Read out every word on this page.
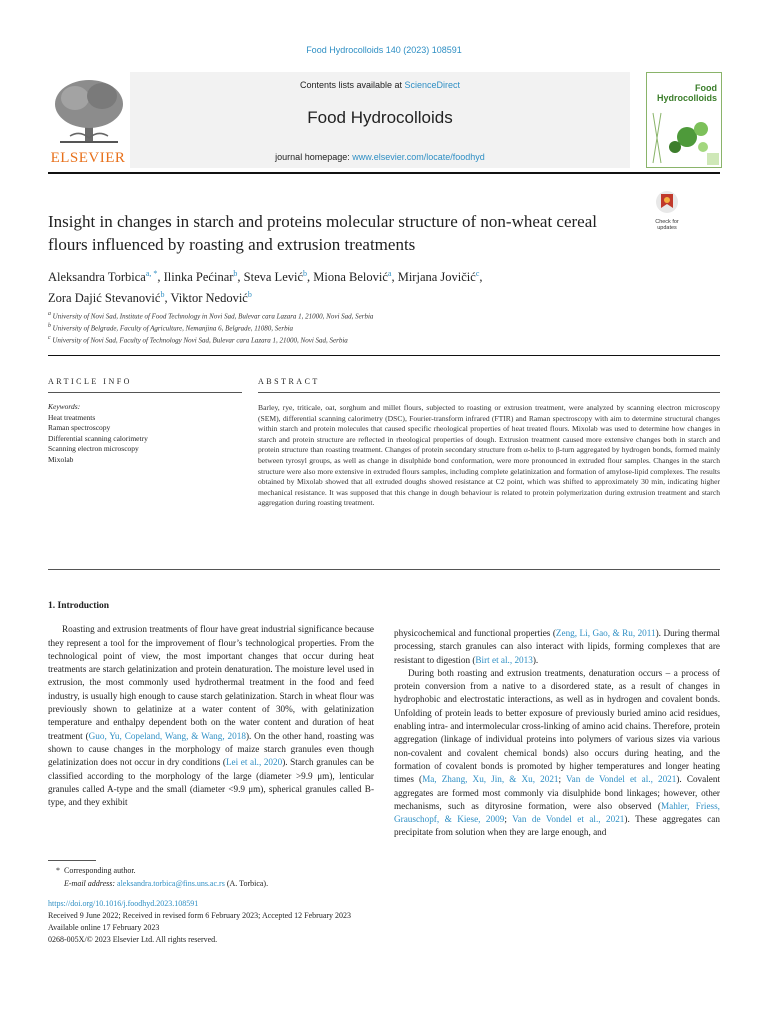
Food Hydrocolloids 140 (2023) 108591
ELSEVIER
Contents lists available at ScienceDirect
Food Hydrocolloids
journal homepage: www.elsevier.com/locate/foodhyd
Food
Hydrocolloids
Insight in changes in starch and proteins molecular structure of non-wheat cereal flours influenced by roasting and extrusion treatments
Check for
updates
Aleksandra Torbica$^{a, *}$, Ilinka Pećinar$^b$, Steva Lević$^b$, Miona Belović$^a$, Mirjana Jovičić$^c$,
Zora Dajić Stevanović$^b$, Viktor Nedović$^b$
$^a$ University of Novi Sad, Institute of Food Technology in Novi Sad, Bulevar cara Lazara 1, 21000, Novi Sad, Serbia
$^b$ University of Belgrade, Faculty of Agriculture, Nemanjina 6, Belgrade, 11080, Serbia
$^c$ University of Novi Sad, Faculty of Technology Novi Sad, Bulevar cara Lazara 1, 21000, Novi Sad, Serbia
ARTICLE INFO
Keywords:
Heat treatments
Raman spectroscopy
Differential scanning calorimetry
Scanning electron microscopy
Mixolab
ABSTRACT
Barley, rye, triticale, oat, sorghum and millet flours, subjected to roasting or extrusion treatment, were analyzed by scanning electron microscopy (SEM), differential scanning calorimetry (DSC), Fourier-transform infrared (FTIR) and Raman spectroscopy with aim to determine structural changes within starch and protein molecules that caused specific rheological properties of heat treated flours. Mixolab was used to determine how changes in starch and protein structure are reflected in rheological properties of dough. Extrusion treatment caused more extensive changes both in starch and protein structure than roasting treatment. Changes of protein secondary structure from α-helix to β-turn aggregated by hydrogen bonds, formed mainly between tyrosyl groups, as well as change in disulphide bond conformation, were more pronounced in extruded flour samples. Changes in the starch structure were also more extensive in extruded flours samples, including complete gelatinization and formation of amylose-lipid complexes. The results obtained by Mixolab showed that all extruded doughs showed resistance at C2 point, which was shifted to approximately 30 min, indicating higher mechanical resistance. It was supposed that this change in dough behaviour is related to protein polymerization during extrusion treatment and starch aggregation during roasting treatment.

1. Introduction

Roasting and extrusion treatments of flour have great industrial significance because they represent a tool for the improvement of flour’s technological properties. From the technological point of view, the most important changes that occur during heat treatments are starch gelatinization and protein denaturation. The moisture level used in extrusion, the most commonly used hydrothermal treatment in the food and feed industry, is usually high enough to cause starch gelatinization. Starch in wheat flour was previously shown to gelatinize at a water content of 30%, with gelatinization temperature and enthalpy dependent both on the water content and duration of heat treatment (Guo, Yu, Copeland, Wang, & Wang, 2018). On the other hand, roasting was shown to cause changes in the morphology of maize starch granules even though gelatinization does not occur in dry conditions (Lei et al., 2020). Starch granules can be classified according to the morphology of the large (diameter >9.9 μm), lenticular granules called A-type and the small (diameter <9.9 μm), spherical granules called B-type, and they exhibit

physicochemical and functional properties (Zeng, Li, Gao, & Ru, 2011). During thermal processing, starch granules can also interact with lipids, forming complexes that are resistant to digestion (Birt et al., 2013).

During both roasting and extrusion treatments, denaturation occurs – a process of protein conversion from a native to a disordered state, as a result of changes in hydrophobic and electrostatic interactions, as well as in hydrogen and covalent bonds. Unfolding of protein leads to better exposure of previously buried amino acid residues, enabling intra- and intermolecular cross-linking of amino acid chains. Therefore, protein aggregation (linkage of individual proteins into polymers of various sizes via various non-covalent and covalent chemical bonds) also occurs during heating, and the formation of covalent bonds is promoted by higher temperatures and longer heating times (Ma, Zhang, Xu, Jin, & Xu, 2021; Van de Vondel et al., 2021). Covalent aggregates are formed most commonly via disulphide bond linkages; however, other mechanisms, such as dityrosine formation, were also observed (Mahler, Friess, Grauschopf, & Kiese, 2009; Van de Vondel et al., 2021). These aggregates can precipitate from solution when they are large enough, and

* Corresponding author.
E-mail address: aleksandra.torbica@fins.uns.ac.rs (A. Torbica).
https://doi.org/10.1016/j.foodhyd.2023.108591
Received 9 June 2022; Received in revised form 6 February 2023; Accepted 12 February 2023
Available online 17 February 2023
0268-005X/© 2023 Elsevier Ltd. All rights reserved.
